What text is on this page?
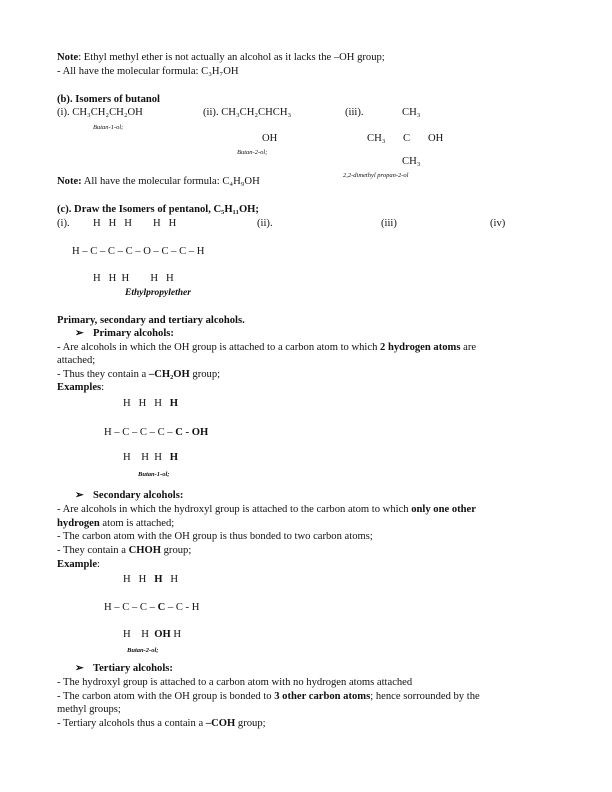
Note: Ethyl methyl ether is not actually an alcohol as it lacks the –OH group;
- All have the molecular formula: C₃H₇OH
(b). Isomers of butanol
(i). CH₃CH₂CH₂OH
Butan-1-ol;
(ii). CH₃CH₂CHCH₃
OH
Butan-2-ol;
(iii).	CH₃
CH₃ C OH
CH₃
2,2-dimethyl propan-2-ol
Note: All have the molecular formula: C₄H₉OH
(c). Draw the Isomers of pentanol, C₅H₁₁OH;
(i). H   H   H        H   H	(ii).	(iii)	(iv)
H – C – C – C – O – C – C – H
H   H  H        H   H
Ethylpropylether
Primary, secondary and tertiary alcohols.
➢ Primary alcohols:
- Are alcohols in which the OH group is attached to a carbon atom to which 2 hydrogen atoms are
attached;
- Thus they contain a –CH₂OH group;
Examples:
H   H   H   H
H – C – C – C – C - OH
H    H  H   H
Butan-1-ol;
➢ Secondary alcohols:
- Are alcohols in which the hydroxyl group is attached to the carbon atom to which only one other
hydrogen atom is attached;
- The carbon atom with the OH group is thus bonded to two carbon atoms;
- They contain a CHOH group;
Example:
H   H   H   H
H – C – C – C – C - H
H    H  OH H
Butan-2-ol;
➢ Tertiary alcohols:
- The hydroxyl group is attached to a carbon atom with no hydrogen atoms attached
- The carbon atom with the OH group is bonded to 3 other carbon atoms; hence sorrounded by the
methyl groups;
- Tertiary alcohols thus a contain a –COH group;
